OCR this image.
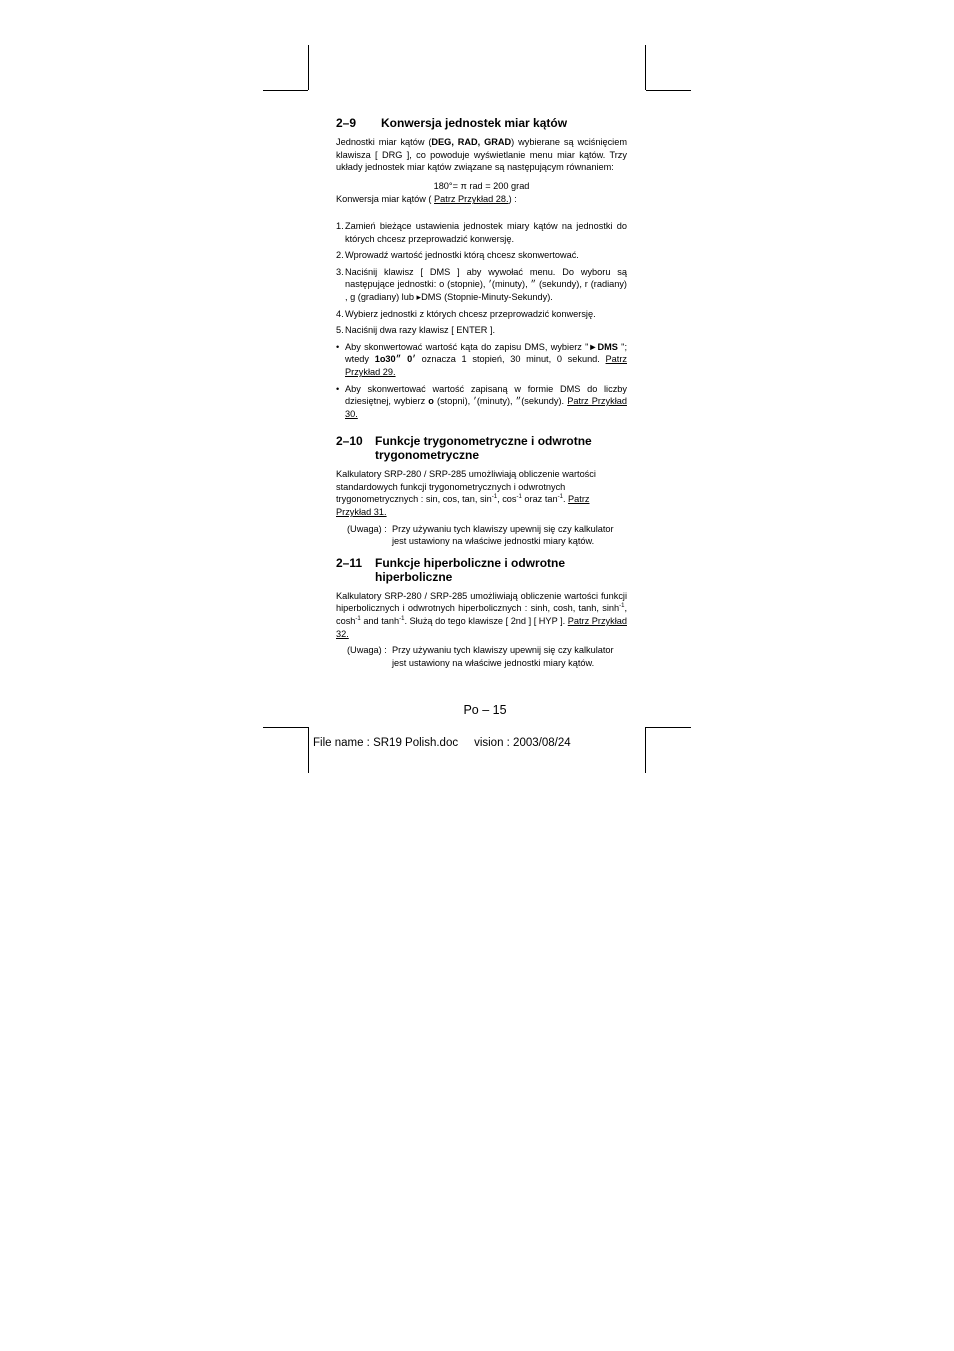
2–9	Konwersja jednostek miar kątów

Jednostki miar kątów (DEG, RAD, GRAD) wybierane są wciśnięciem klawisza [ DRG ], co powoduje wyświetlanie menu miar kątów. Trzy układy jednostek miar kątów związane są następującym równaniem:

180°= π rad = 200 grad

Konwersja miar kątów ( Patrz Przykład 28.) :

1. Zamień bieżące ustawienia jednostek miary kątów na jednostki do których chcesz przeprowadzić konwersję.
2. Wprowadź wartość jednostki którą chcesz skonwertować.
3. Naciśnij klawisz [ DMS ] aby wywołać menu. Do wyboru są następujące jednostki: o (stopnie), ׳(minuty), ״ (sekundy), r (radiany) , g (gradiany) lub ▸DMS (Stopnie-Minuty-Sekundy).
4. Wybierz jednostki z których chcesz przeprowadzić konwersję.
5. Naciśnij dwa razy klawisz [ ENTER ].
• Aby skonwertować wartość kąta do zapisu DMS, wybierz "►DMS "; wtedy 1o30׳0 ״ oznacza 1 stopień, 30 minut, 0 sekund. Patrz Przykład 29.
• Aby skonwertować wartość zapisaną w formie DMS do liczby dziesiętnej, wybierz o (stopni), ׳(minuty), ״(sekundy). Patrz Przykład 30.
2–10	Funkcje trygonometryczne i odwrotne trygonometryczne

Kalkulatory SRP-280 / SRP-285 umożliwiają obliczenie wartości standardowych funkcji trygonometrycznych i odwrotnych trygonometrycznych : sin, cos, tan, $\sin^{-1}$, $\cos^{-1}$ oraz $\tan^{-1}$. Patrz Przykład 31.

(Uwaga) : Przy używaniu tych klawiszy upewnij się czy kalkulator jest ustawiony na właściwe jednostki miary kątów.
2–11	Funkcje hiperboliczne i odwrotne hiperboliczne

Kalkulatory SRP-280 / SRP-285 umożliwiają obliczenie wartości funkcji hiperbolicznych i odwrotnych hiperbolicznych : sinh, cosh, tanh, $\sinh^{-1}$, $\cosh^{-1}$ and $\tanh^{-1}$. Służą do tego klawisze [ 2nd ] [ HYP ]. Patrz Przykład 32.

(Uwaga) : Przy używaniu tych klawiszy upewnij się czy kalkulator jest ustawiony na właściwe jednostki miary kątów.
Po – 15
File name : SR19 Polish.doc     vision : 2003/08/24
